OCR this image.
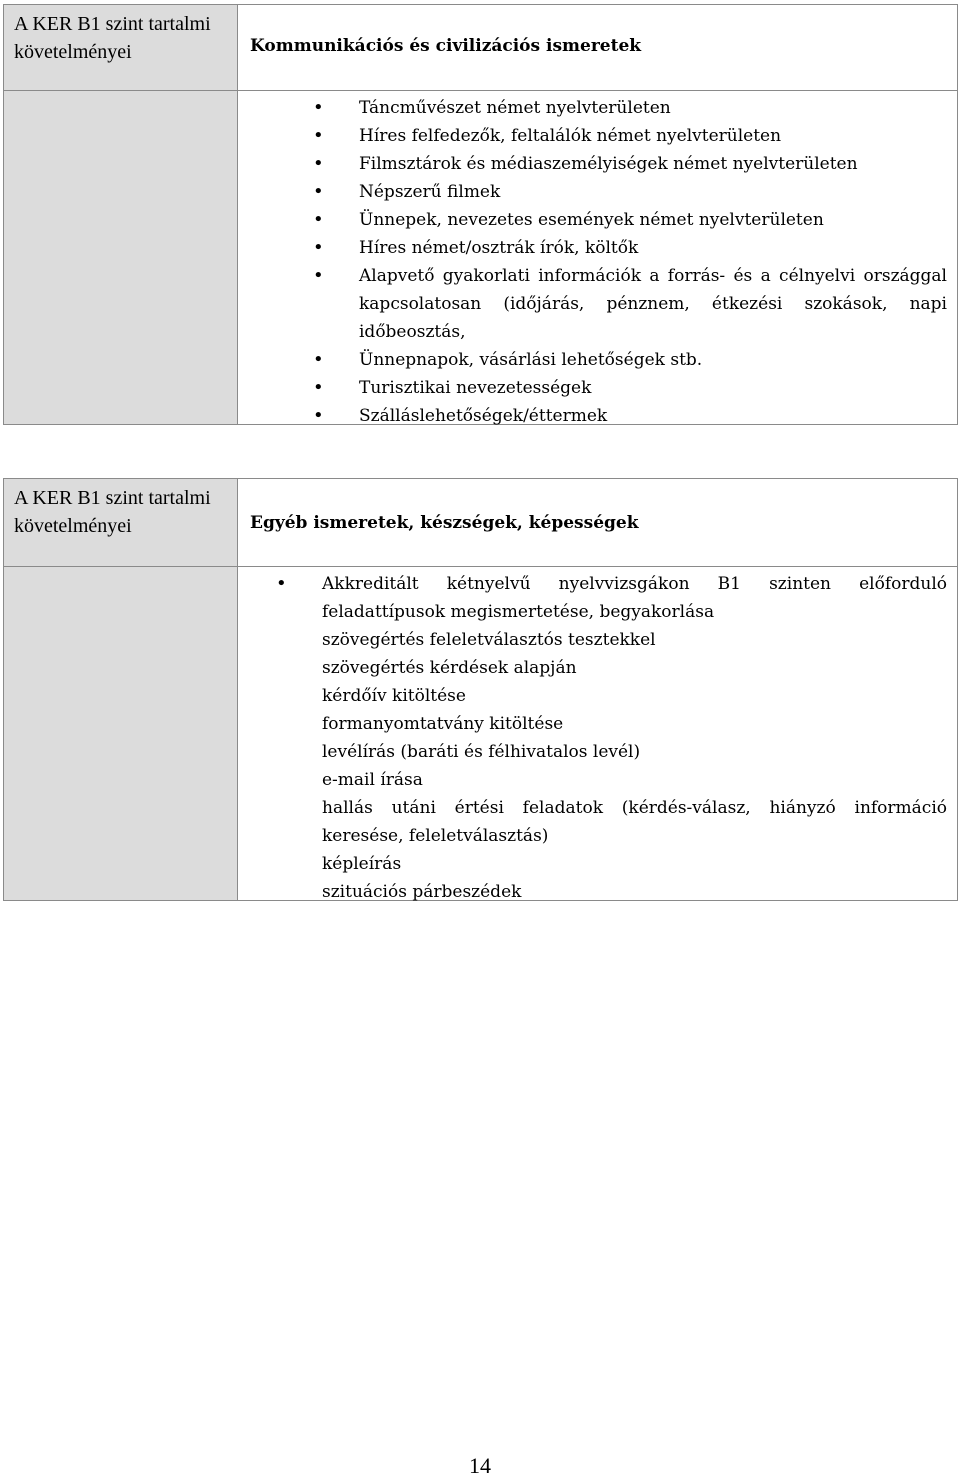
A KER B1 szint tartalmi követelményei	Kommunikációs és civilizációs ismeretek
• Táncművészet német nyelvterületen
• Híres felfedezők, feltalálók német nyelvterületen
• Filmsztárok és médiaszemélyiségek német nyelvterületen
• Népszerű filmek
• Ünnepek, nevezetes események német nyelvterületen
• Híres német/osztrák írók, költők
• Alapvető gyakorlati információk a forrás- és a célnyelvi országgal kapcsolatosan (időjárás, pénznem, étkezési szokások, napi időbeosztás,
• Ünnepnapok, vásárlási lehetőségek stb.
• Turisztikai nevezetességek
• Szálláslehetőségek/éttermek
A KER B1 szint tartalmi követelményei	Egyéb ismeretek, készségek, képességek
• Akkreditált kétnyelvű nyelvvizsgákon B1 szinten előforduló feladattípusok megismertetése, begyakorlása
szövegértés feleletválasztós tesztekkel
szövegértés kérdések alapján
kérdőív kitöltése
formanyomtatvány kitöltése
levélírás (baráti és félhivatalos levél)
e-mail írása
hallás utáni értési feladatok (kérdés-válasz, hiányzó információ keresése, feleletválasztás)
képleírás
szituációs párbeszédek
14
